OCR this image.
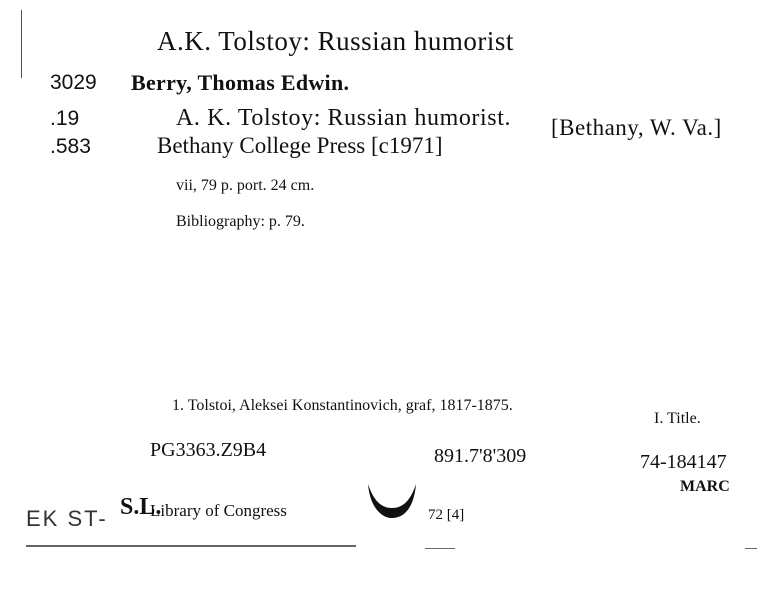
A.K. Tolstoy: Russian humorist
3029
.19
.583
Berry, Thomas Edwin.
A. K. Tolstoy: Russian humorist. [Bethany, W. Va.]
Bethany College Press [c1971]
vii, 79 p. port. 24 cm.
Bibliography: p. 79.
1. Tolstoi, Aleksei Konstantinovich, graf, 1817-1875.
I. Title.
PG3363.Z9B4	891.7'8'309	74-184147
MARC
EK ST- S.L.
Library of Congress	72 [4]
